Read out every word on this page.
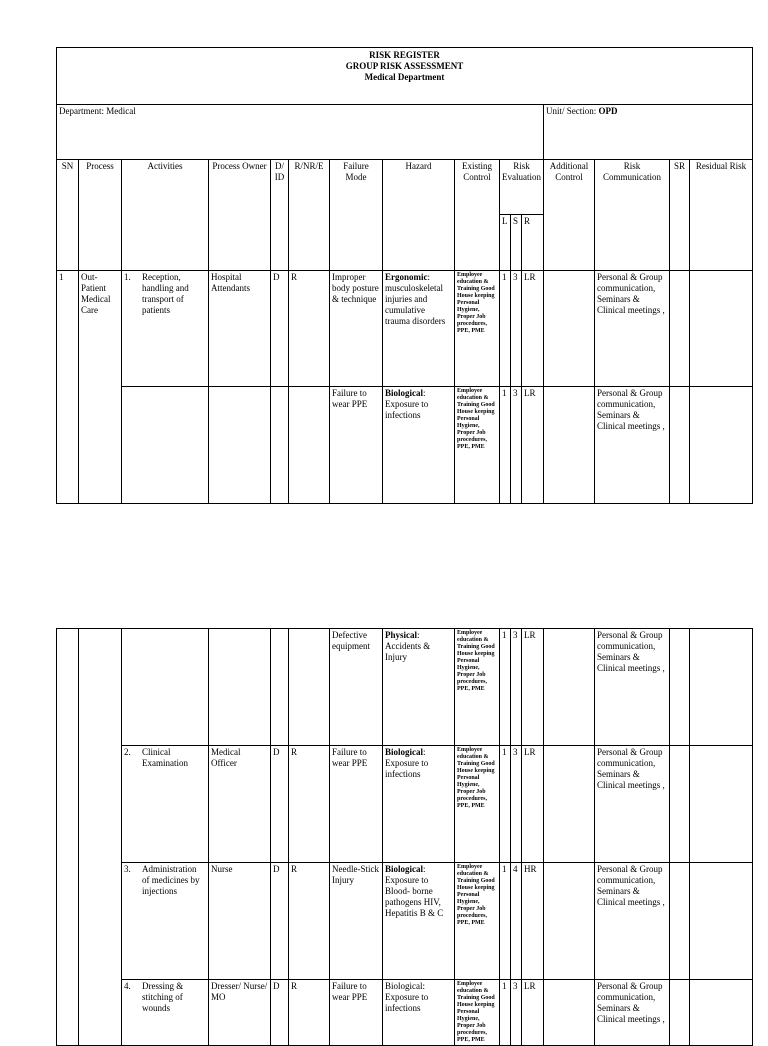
RISK REGISTER
GROUP RISK ASSESSMENT
Medical Department															

Department: Medical												Unit/ Section: OPD			
SN	Process	Activities	Process Owner	D/ ID	R/NR/E	Failure Mode	Hazard	Existing Control	Risk Evaluation			Additional Control	Risk Communication	SR	Residual Risk
									L	S	R				
1	Out-Patient Medical Care	1. Reception, handling and transport of patients	Hospital Attendants	D	R	Improper body posture & technique	Ergonomic: musculoskeletal injuries and cumulative trauma disorders	Employee education & Training Good House keeping Personal Hygiene, Proper Job procedures, PPE, PME	1	3	LR		Personal & Group communication, Seminars & Clinical meetings ,		
						Failure to wear PPE	Biological: Exposure to infections	Employee education & Training Good House keeping Personal Hygiene, Proper Job procedures, PPE, PME	1	3	LR		Personal & Group communication, Seminars & Clinical meetings ,		
						Defective equipment	Physical: Accidents & Injury	Employee education & Training Good House keeping Personal Hygiene, Proper Job procedures, PPE, PME	1	3	LR		Personal & Group communication, Seminars & Clinical meetings ,		

		2. Clinical Examination	Medical Officer	D	R	Failure to wear PPE	Biological: Exposure to infections	Employee education & Training Good House keeping Personal Hygiene, Proper Job procedures, PPE, PME	1	3	LR		Personal & Group communication, Seminars & Clinical meetings ,		

		3. Administration of medicines by injections	Nurse	D	R	Needle-Stick Injury	Biological: Exposure to Blood- borne pathogens HIV, Hepatitis B & C	Employee education & Training Good House keeping Personal Hygiene, Proper Job procedures, PPE, PME	1	4	HR		Personal & Group communication, Seminars & Clinical meetings ,		

		4. Dressing & stitching of wounds	Dresser/ Nurse/ MO	D	R	Failure to wear PPE	Biological: Exposure to infections	Employee education & Training Good House keeping Personal Hygiene, Proper Job procedures, PPE, PME	1	3	LR		Personal & Group communication, Seminars & Clinical meetings ,		
